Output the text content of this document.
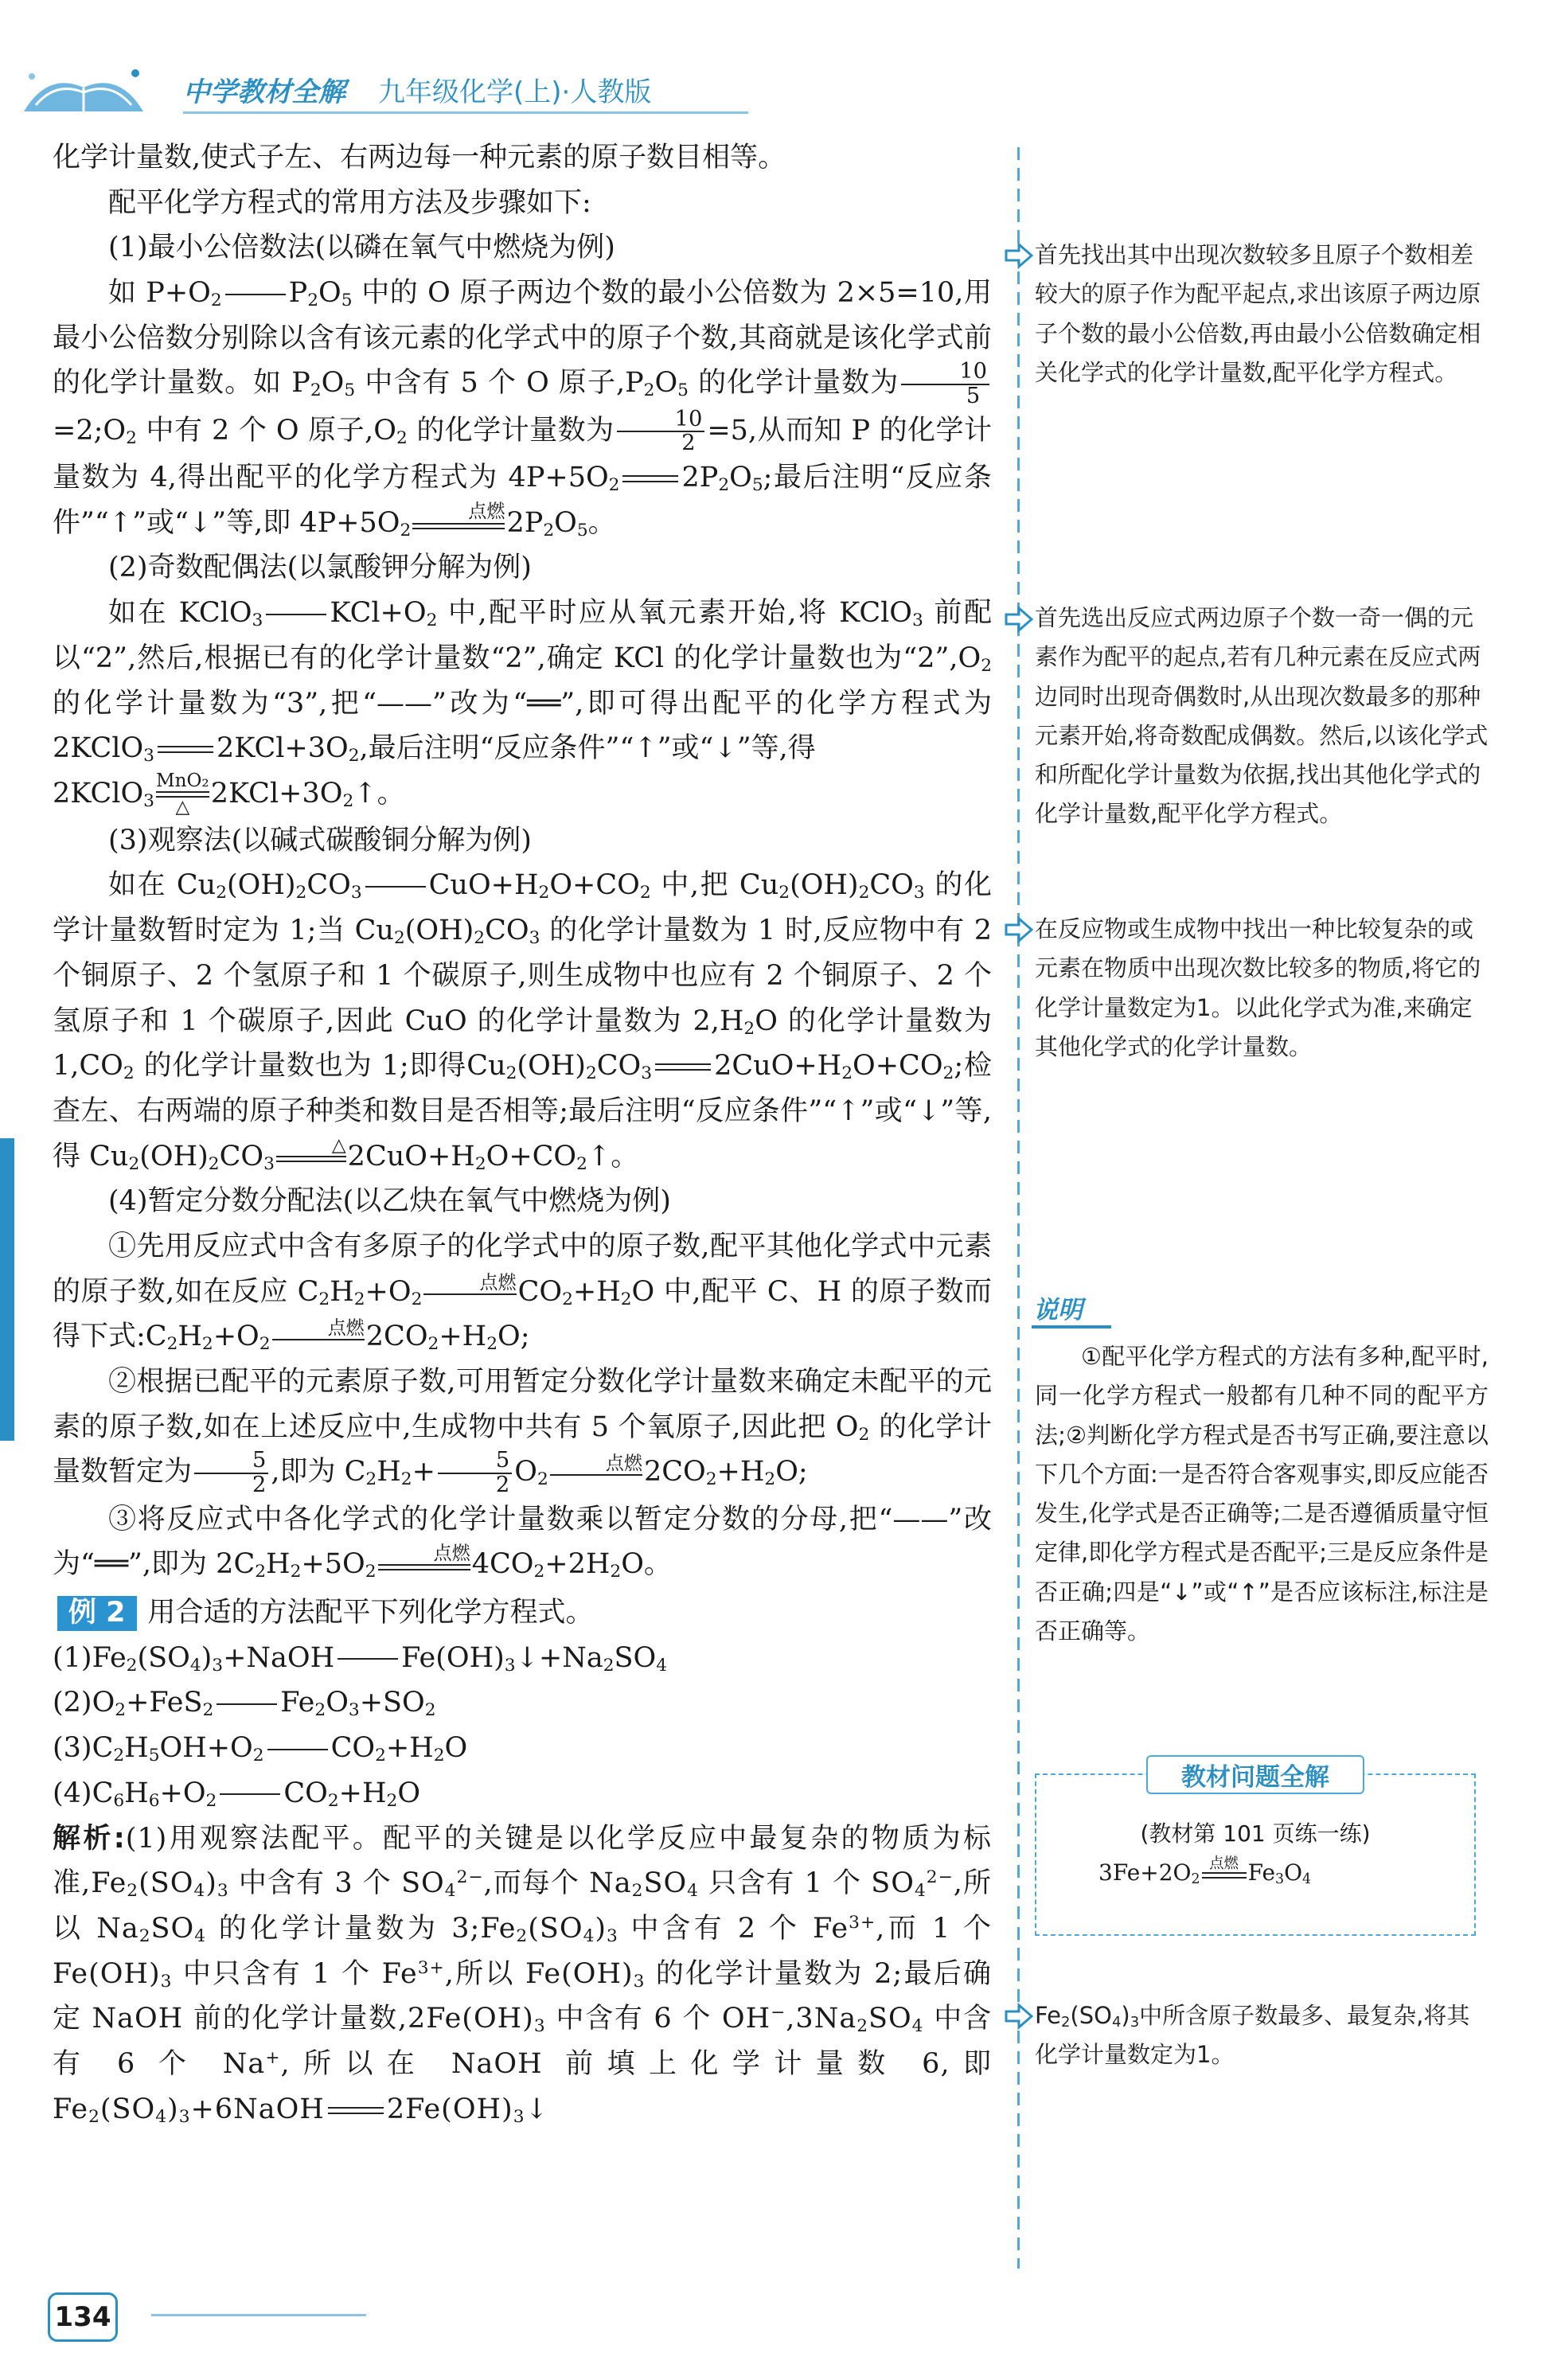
中学教材全解 九年级化学(上)·人教版

化学计量数,使式子左、右两边每一种元素的原子数目相等。

配平化学方程式的常用方法及步骤如下:

(1)最小公倍数法(以磷在氧气中燃烧为例)

如 $P+O_2$ $P_2O_5$ 中的 O 原子两边个数的最小公倍数为 2×5=10,用最小公倍数分别除以含有该元素的化学式中的原子个数,其商就是该化学式前的化学计量数。如 $P_2O_5$ 中含有 5 个 O 原子$,P_2O_5$ 的化学计量数为 $\frac{10}{5}$
$=2;O_2$ 中有 2 个 O 原子$,O_2$ 的化学计量数为 $\frac{10}{2} =5$,从而知 P 的化学计量数为 4,得出配平的化学方程式为 $4P+5O_2$ $2P_2O_5$;最后注明“反应条件”“↑”或“↓”等,即 $4P+5O_2$
点燃 $2P_2O_5$。

(2)奇数配偶法(以氯酸钾分解为例)

如在 KClO$_3$ $KCl+O_2$ 中,配平时应从氧元素开始,将 KClO$_3$ 前配以“2”,然后,根据已有的化学计量数“2”,确定 KCl 的化学计量数也为“$2”,O_2$ 的化学计量数为“3”,把“——”改为“══”,即可得出配平的化学方程式为 2KClO$_3$ $2KCl+3O_2$,最后注明“反应条件”“↑”或“↓”等,得

2KClO$_3$
MnO₂
△ $2KCl+3O_2↑$。

(3)观察法(以碱式碳酸铜分解为例)

如在 $Cu_2(OH)_2CO_3$ $CuO+H_2O+CO_2$ 中,把 $Cu_2(OH)_2CO_3$ 的化学计量数暂时定为 1;当 $Cu_2(OH)_2CO_3$ 的化学计量数为 1 时,反应物中有 2 个铜原子、2 个氢原子和 1 个碳原子,则生成物中也应有 2 个铜原子、2 个氢原子和 1 个碳原子,因此 CuO 的化学计量数为 $2,H_2O$ 的化学计量数为 $1,CO_2$ 的化学计量数也为 1;即得$Cu_2(OH)_2CO_3$ $2CuO+H_2O+CO_2$;检查左、右两端的原子种类和数目是否相等;最后注明“反应条件”“↑”或“↓”等,得 $Cu_2(OH)_2CO_3$
△ $2CuO+H_2O+CO_2↑$。

(4)暂定分数分配法(以乙炔在氧气中燃烧为例)

①先用反应式中含有多原子的化学式中的原子数,配平其他化学式中元素的原子数,如在反应 $C_2H_2+O_2$
点燃 $CO_2+H_2O$ 中,配平 C、H 的原子数而得下式$:C_2H_2+O_2$
点燃 $2CO_2+H_2O$;

②根据已配平的元素原子数,可用暂定分数化学计量数来确定未配平的元素的原子数,如在上述反应中,生成物中共有 5 个氧原子,因此把 $O_2$ 的化学计量数暂定为 $\frac{5}{2}$ ,即为 $C_2H_2+ \frac{5}{2} O_2$
点燃 $2CO_2+H_2O$;

③将反应式中各化学式的化学计量数乘以暂定分数的分母,把“——”改为“══”,即为 $2C_2H_2+5O_2$
点燃 $4CO_2+2H_2O$。

例 2 用合适的方法配平下列化学方程式。

$(1)Fe_2(SO_4)_3+NaOH$ $Fe(OH)_3↓+Na_2SO_4$

$(2)O_2+FeS_2$ $Fe_2O_3+SO_2$

$(3)C_2H_5OH+O_2$ $CO_2+H_2O$

$(4)C_6H_6+O_2$ $CO_2+H_2O$

解析:(1)用观察法配平。配平的关键是以化学反应中最复杂的物质为标准$,Fe_2(SO_4)_3$ 中含有 3 个 $SO_4^{2-}$,而每个 $Na_2SO_4$ 只含有 1 个 $SO_4^{2-}$,所以 $Na_2SO_4$ 的化学计量数为 $3;Fe_2(SO_4)_3$ 中含有 2 个 $Fe^{3+}$,而 1 个 $Fe(OH)_3$ 中只含有 1 个 $Fe^{3+}$,所以 $Fe(OH)_3$ 的化学计量数为 2;最后确定 NaOH 前的化学计量数$,2Fe(OH)_3$ 中含有 6 个 $OH^-,3Na_2SO_4$ 中含有 6 个 Na+,所以在 NaOH 前填上化学计量数 6,即 $Fe_2(SO_4)_3+6NaOH$ $2Fe(OH)_3↓$

首先找出其中出现次数较多且原子个数相差较大的原子作为配平起点,求出该原子两边原子个数的最小公倍数,再由最小公倍数确定相关化学式的化学计量数,配平化学方程式。
首先选出反应式两边原子个数一奇一偶的元素作为配平的起点,若有几种元素在反应式两边同时出现奇偶数时,从出现次数最多的那种元素开始,将奇数配成偶数。然后,以该化学式和所配化学计量数为依据,找出其他化学式的化学计量数,配平化学方程式。
在反应物或生成物中找出一种比较复杂的或元素在物质中出现次数比较多的物质,将它的化学计量数定为1。以此化学式为准,来确定其他化学式的化学计量数。
说明
①配平化学方程式的方法有多种,配平时,同一化学方程式一般都有几种不同的配平方法;②判断化学方程式是否书写正确,要注意以下几个方面:一是否符合客观事实,即反应能否发生,化学式是否正确等;二是否遵循质量守恒定律,即化学方程式是否配平;三是反应条件是否正确;四是“↓”或“↑”是否应该标注,标注是否正确等。
教材问题全解
(教材第 101 页练一练)
$3Fe+2O_2$
点燃 $Fe_3O_4$
$Fe_2(SO_4)_3$中所含原子数最多、最复杂,将其化学计量数定为1。
134
